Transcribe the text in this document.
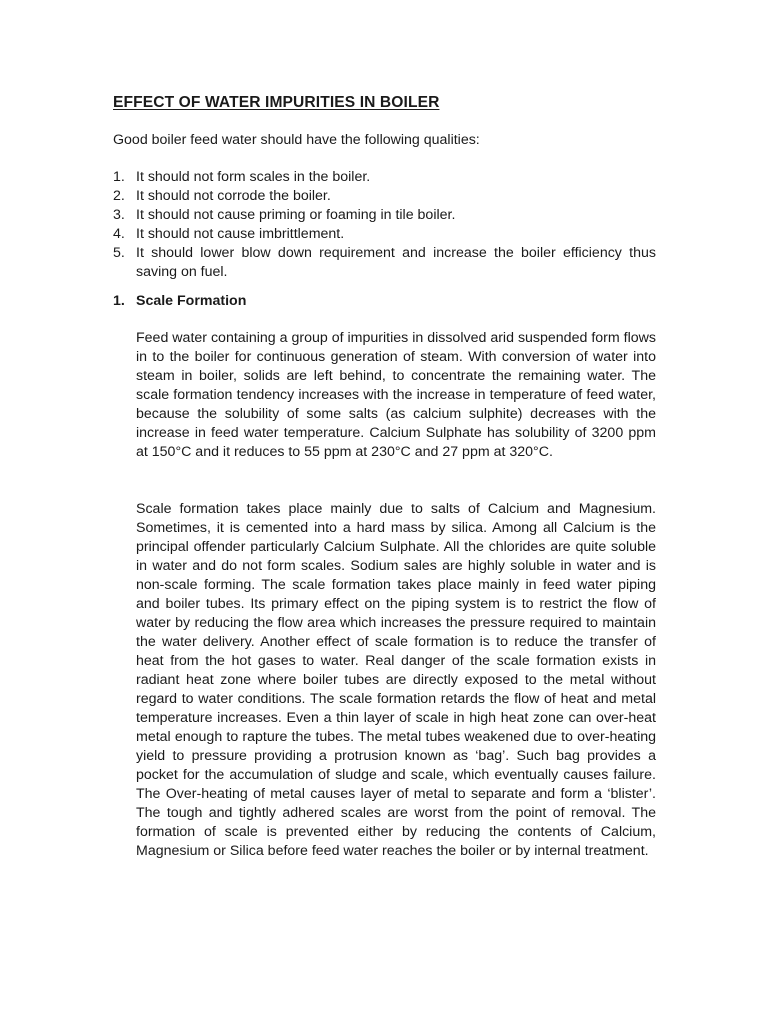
EFFECT OF WATER IMPURITIES IN BOILER

Good boiler feed water should have the following qualities:

1. It should not form scales in the boiler.
2. It should not corrode the boiler.
3. It should not cause priming or foaming in tile boiler.
4. It should not cause imbrittlement.
5. It should lower blow down requirement and increase the boiler efficiency thus saving on fuel.
1. Scale Formation

Feed water containing a group of impurities in dissolved arid suspended form flows in to the boiler for continuous generation of steam. With conversion of water into steam in boiler, solids are left behind, to concentrate the remaining water. The scale formation tendency increases with the increase in temperature of feed water, because the solubility of some salts (as calcium sulphite) decreases with the increase in feed water temperature. Calcium Sulphate has solubility of 3200 ppm at 150°C and it reduces to 55 ppm at 230°C and 27 ppm at 320°C.

Scale formation takes place mainly due to salts of Calcium and Magnesium. Sometimes, it is cemented into a hard mass by silica. Among all Calcium is the principal offender particularly Calcium Sulphate. All the chlorides are quite soluble in water and do not form scales. Sodium sales are highly soluble in water and is non-scale forming. The scale formation takes place mainly in feed water piping and boiler tubes. Its primary effect on the piping system is to restrict the flow of water by reducing the flow area which increases the pressure required to maintain the water delivery. Another effect of scale formation is to reduce the transfer of heat from the hot gases to water. Real danger of the scale formation exists in radiant heat zone where boiler tubes are directly exposed to the metal without regard to water conditions. The scale formation retards the flow of heat and metal temperature increases. Even a thin layer of scale in high heat zone can over-heat metal enough to rapture the tubes. The metal tubes weakened due to over-heating yield to pressure providing a protrusion known as ‘bag’. Such bag provides a pocket for the accumulation of sludge and scale, which eventually causes failure. The Over-heating of metal causes layer of metal to separate and form a ‘blister’. The tough and tightly adhered scales are worst from the point of removal. The formation of scale is prevented either by reducing the contents of Calcium, Magnesium or Silica before feed water reaches the boiler or by internal treatment.
